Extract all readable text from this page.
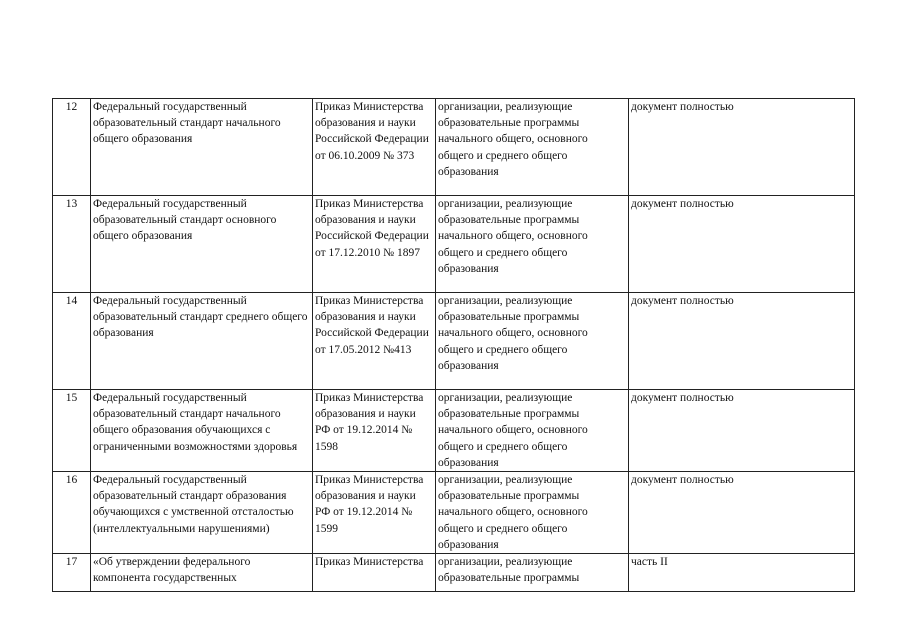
12	Федеральный государственный образовательный стандарт начального общего образования	Приказ Министерства образования и науки Российской Федерации от 06.10.2009 № 373	организации, реализующие образовательные программы начального общего, основного общего и среднего общего образования	документ полностью
13	Федеральный государственный образовательный стандарт основного общего образования	Приказ Министерства образования и науки Российской Федерации от 17.12.2010 № 1897	организации, реализующие образовательные программы начального общего, основного общего и среднего общего образования	документ полностью
14	Федеральный государственный образовательный стандарт среднего общего образования	Приказ Министерства образования и науки Российской Федерации от 17.05.2012 №413	организации, реализующие образовательные программы начального общего, основного общего и среднего общего образования	документ полностью
15	Федеральный государственный образовательный стандарт начального общего образования обучающихся с ограниченными возможностями здоровья	Приказ Министерства образования и науки РФ от 19.12.2014 № 1598	организации, реализующие образовательные программы начального общего, основного общего и среднего общего образования	документ полностью
16	Федеральный государственный образовательный стандарт образования обучающихся с умственной отсталостью (интеллектуальными нарушениями)	Приказ Министерства образования и науки РФ от 19.12.2014 № 1599	организации, реализующие образовательные программы начального общего, основного общего и среднего общего образования	документ полностью
17	«Об утверждении федерального компонента государственных	Приказ Министерства	организации, реализующие образовательные программы	часть II
